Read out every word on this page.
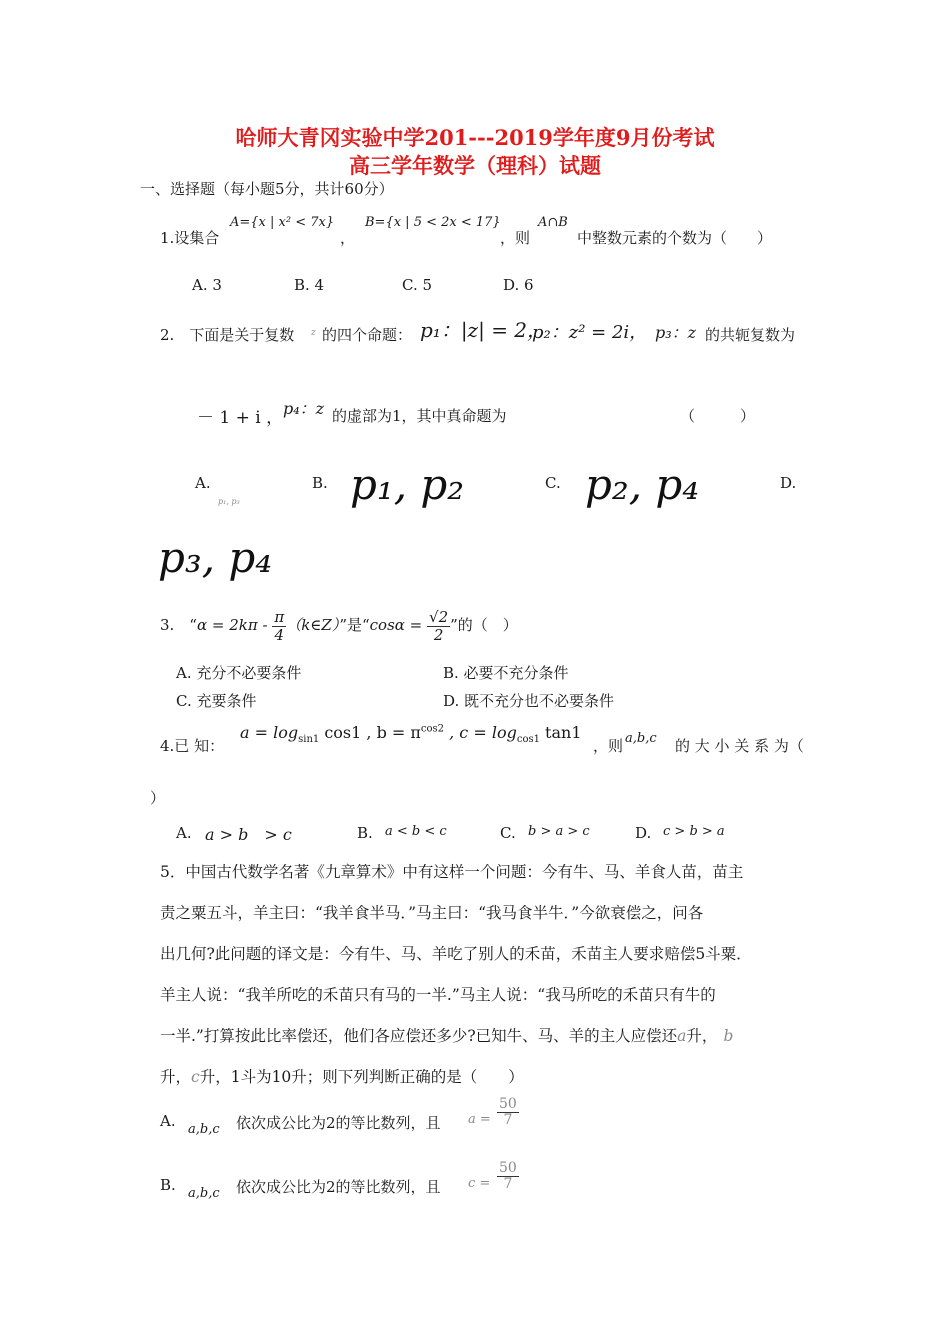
哈师大青冈实验中学201---2019学年度9月份考试
高三学年数学（理科）试题
一、选择题（每小题5分，共计60分）
1.设集合
A={x | x² < 7x}
，
B={x | 5 < 2x < 17}
，则
A∩B
中整数元素的个数为（　　）
A. 3	B. 4	C. 5	D. 6
2.　下面是关于复数 z 的四个命题： p₁：|z| = 2，
p₂：z² = 2i， p₃：z 的共轭复数为
－ 1 + i ， p₄：z 的虚部为1，其中真命题为	（　　　）
A.
p₁, p₃
B. p₁, p₂	C. p₂, p₄	D.
p₃, p₄
3.　“$\alpha = 2k\pi - \frac{\pi}{4}$ （k∈Z）”是“$\cos\alpha = \frac{√2}{2}$ ”的（　）
A. 充分不必要条件	B. 必要不充分条件
C. 充要条件	D. 既不充分也不必要条件
4.已 知：
$a = \log_{sin1} \cos 1$ , $b = \pi^{cos2}$ , $c = \log_{cos1} \tan 1$
，则 a,b,c 的 大 小 关 系 为（
）
A. a > b　> c	B. a < b < c	C. b > a > c	D. c > b > a
5．中国古代数学名著《九章算术》中有这样一个问题：今有牛、马、羊食人苗，苗主
责之粟五斗，羊主曰：“我羊食半马．”马主曰：“我马食半牛．”今欲衰偿之，问各
出几何?此问题的译文是：今有牛、马、羊吃了别人的禾苗，禾苗主人要求赔偿5斗粟．
羊主人说：“我羊所吃的禾苗只有马的一半.”马主人说：“我马所吃的禾苗只有牛的
一半.”打算按此比率偿还，他们各应偿还多少?已知牛、马、羊的主人应偿还a升， b
升，c升，1斗为10升；则下列判断正确的是（　　）
A. a,b,c 依次成公比为2的等比数列，且 $a = \frac{50}{7}$
B. a,b,c 依次成公比为2的等比数列，且 $c = \frac{50}{7}$
